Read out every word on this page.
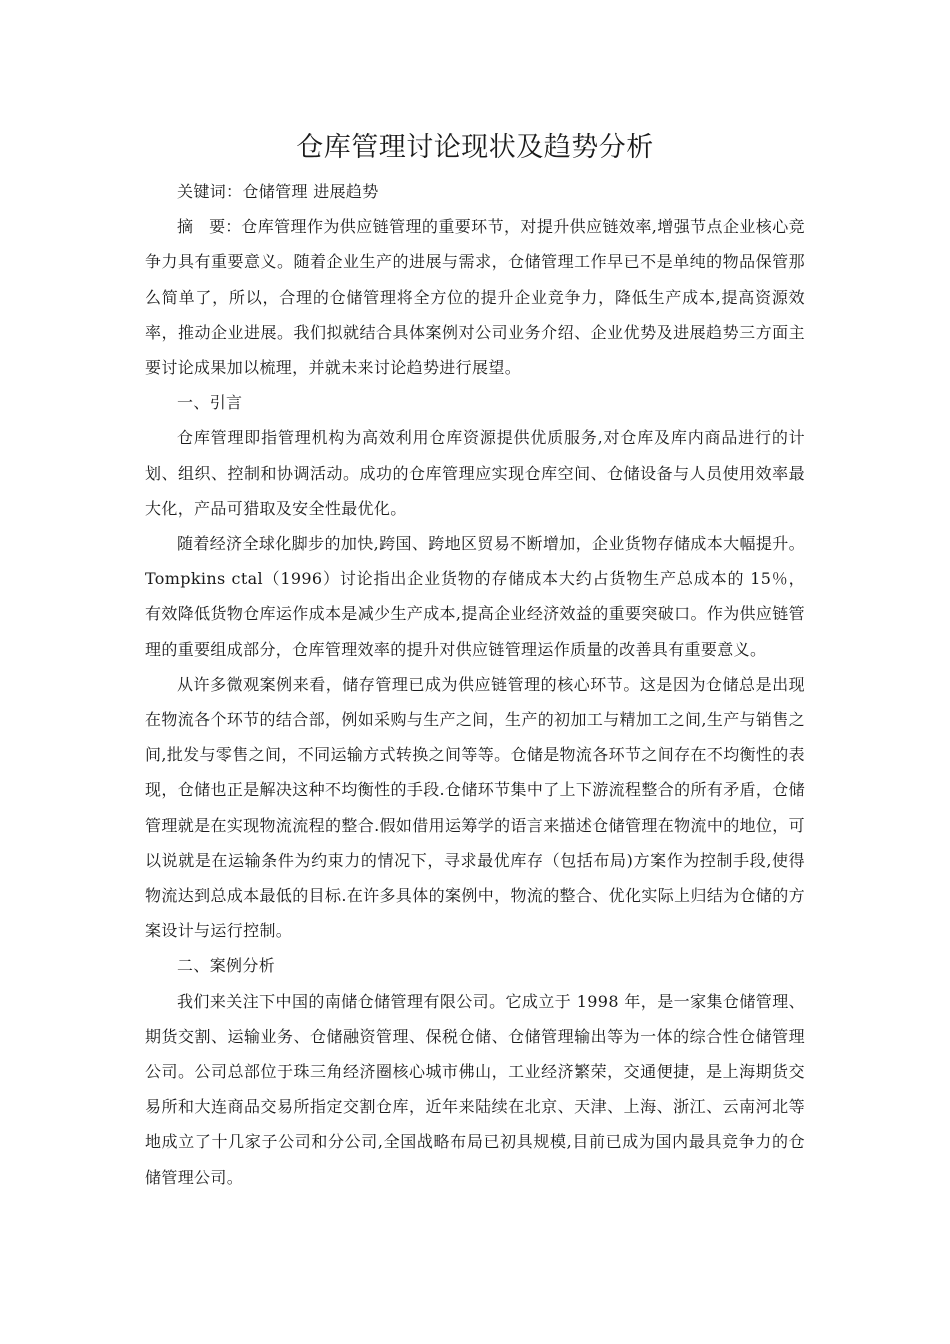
仓库管理讨论现状及趋势分析

关键词：仓储管理 进展趋势

摘 要：仓库管理作为供应链管理的重要环节，对提升供应链效率,增强节点企业核心竞争力具有重要意义。随着企业生产的进展与需求，仓储管理工作早已不是单纯的物品保管那么简单了，所以，合理的仓储管理将全方位的提升企业竞争力，降低生产成本,提高资源效率，推动企业进展。我们拟就结合具体案例对公司业务介绍、企业优势及进展趋势三方面主要讨论成果加以梳理，并就未来讨论趋势进行展望。

一、引言

仓库管理即指管理机构为高效利用仓库资源提供优质服务,对仓库及库内商品进行的计划、组织、控制和协调活动。成功的仓库管理应实现仓库空间、仓储设备与人员使用效率最大化，产品可猎取及安全性最优化。

随着经济全球化脚步的加快,跨国、跨地区贸易不断增加，企业货物存储成本大幅提升。Tompkins ctal（1996）讨论指出企业货物的存储成本大约占货物生产总成本的 15％，有效降低货物仓库运作成本是减少生产成本,提高企业经济效益的重要突破口。作为供应链管理的重要组成部分，仓库管理效率的提升对供应链管理运作质量的改善具有重要意义。

从许多微观案例来看，储存管理已成为供应链管理的核心环节。这是因为仓储总是出现在物流各个环节的结合部，例如采购与生产之间，生产的初加工与精加工之间,生产与销售之间,批发与零售之间，不同运输方式转换之间等等。仓储是物流各环节之间存在不均衡性的表现，仓储也正是解决这种不均衡性的手段.仓储环节集中了上下游流程整合的所有矛盾，仓储管理就是在实现物流流程的整合.假如借用运筹学的语言来描述仓储管理在物流中的地位，可以说就是在运输条件为约束力的情况下，寻求最优库存（包括布局)方案作为控制手段,使得物流达到总成本最低的目标.在许多具体的案例中，物流的整合、优化实际上归结为仓储的方案设计与运行控制。

二、案例分析

我们来关注下中国的南储仓储管理有限公司。它成立于 1998 年，是一家集仓储管理、期货交割、运输业务、仓储融资管理、保税仓储、仓储管理输出等为一体的综合性仓储管理公司。公司总部位于珠三角经济圈核心城市佛山，工业经济繁荣，交通便捷，是上海期货交易所和大连商品交易所指定交割仓库，近年来陆续在北京、天津、上海、浙江、云南河北等地成立了十几家子公司和分公司,全国战略布局已初具规模,目前已成为国内最具竞争力的仓储管理公司。
